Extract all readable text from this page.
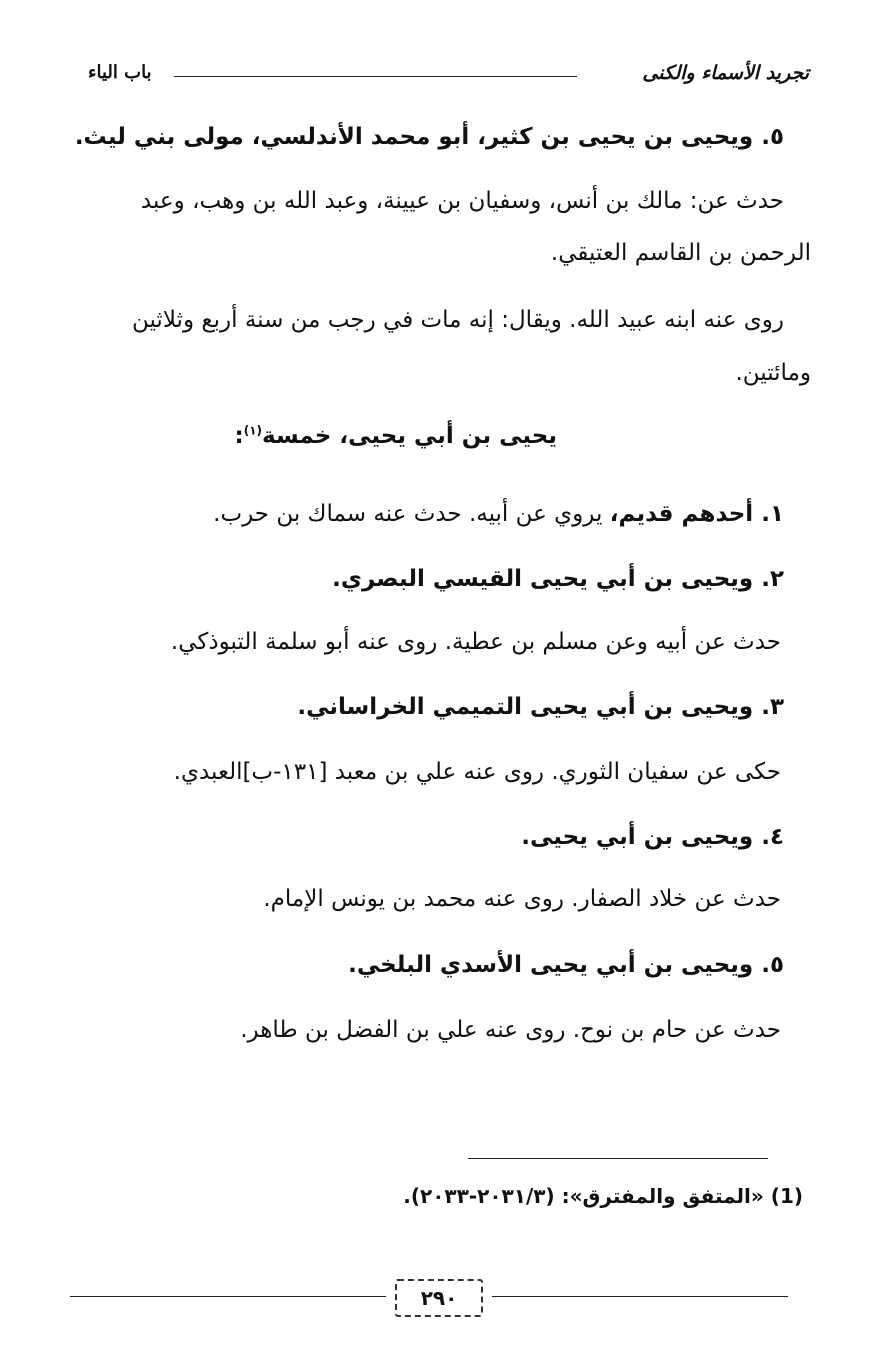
تجريد الأسماء والكنى
باب الياء
٥. ويحيى بن يحيى بن كثير، أبو محمد الأندلسي، مولى بني ليث.
حدث عن: مالك بن أنس، وسفيان بن عيينة، وعبد الله بن وهب، وعبد
الرحمن بن القاسم العتيقي.
روى عنه ابنه عبيد الله. ويقال: إنه مات في رجب من سنة أربع وثلاثين
ومائتين.
يحيى بن أبي يحيى، خمسة$^{(١)}$:
١. أحدهم قديم، يروي عن أبيه. حدث عنه سماك بن حرب.
٢. ويحيى بن أبي يحيى القيسي البصري.
حدث عن أبيه وعن مسلم بن عطية. روى عنه أبو سلمة التبوذكي.
٣. ويحيى بن أبي يحيى التميمي الخراساني.
حكى عن سفيان الثوري. روى عنه علي بن معبد [١٣١-ب]العبدي.
٤. ويحيى بن أبي يحيى.
حدث عن خلاد الصفار. روى عنه محمد بن يونس الإمام.
٥. ويحيى بن أبي يحيى الأسدي البلخي.
حدث عن حام بن نوح. روى عنه علي بن الفضل بن طاهر.
(1) «المتفق والمفترق»: (٢٠٣١/٣-٢٠٣٣).
٢٩٠
